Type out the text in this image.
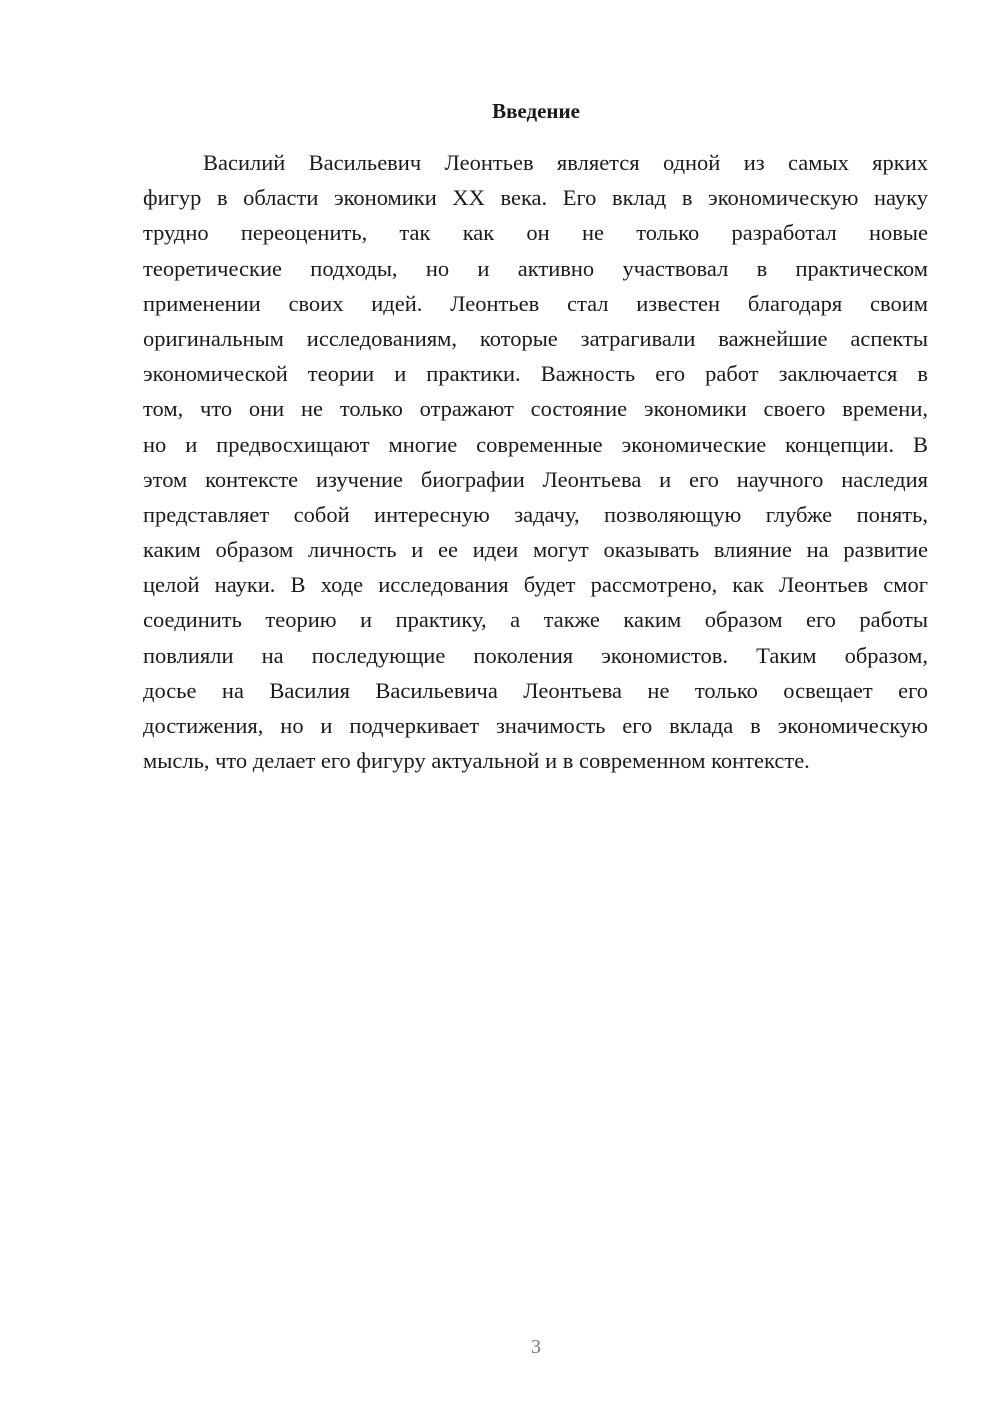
Введение
Василий Васильевич Леонтьев является одной из самых ярких
фигур в области экономики XX века. Его вклад в экономическую науку
трудно переоценить, так как он не только разработал новые
теоретические подходы, но и активно участвовал в практическом
применении своих идей. Леонтьев стал известен благодаря своим
оригинальным исследованиям, которые затрагивали важнейшие аспекты
экономической теории и практики. Важность его работ заключается в
том, что они не только отражают состояние экономики своего времени,
но и предвосхищают многие современные экономические концепции. В
этом контексте изучение биографии Леонтьева и его научного наследия
представляет собой интересную задачу, позволяющую глубже понять,
каким образом личность и ее идеи могут оказывать влияние на развитие
целой науки. В ходе исследования будет рассмотрено, как Леонтьев смог
соединить теорию и практику, а также каким образом его работы
повлияли на последующие поколения экономистов. Таким образом,
досье на Василия Васильевича Леонтьева не только освещает его
достижения, но и подчеркивает значимость его вклада в экономическую
мысль, что делает его фигуру актуальной и в современном контексте.
3
